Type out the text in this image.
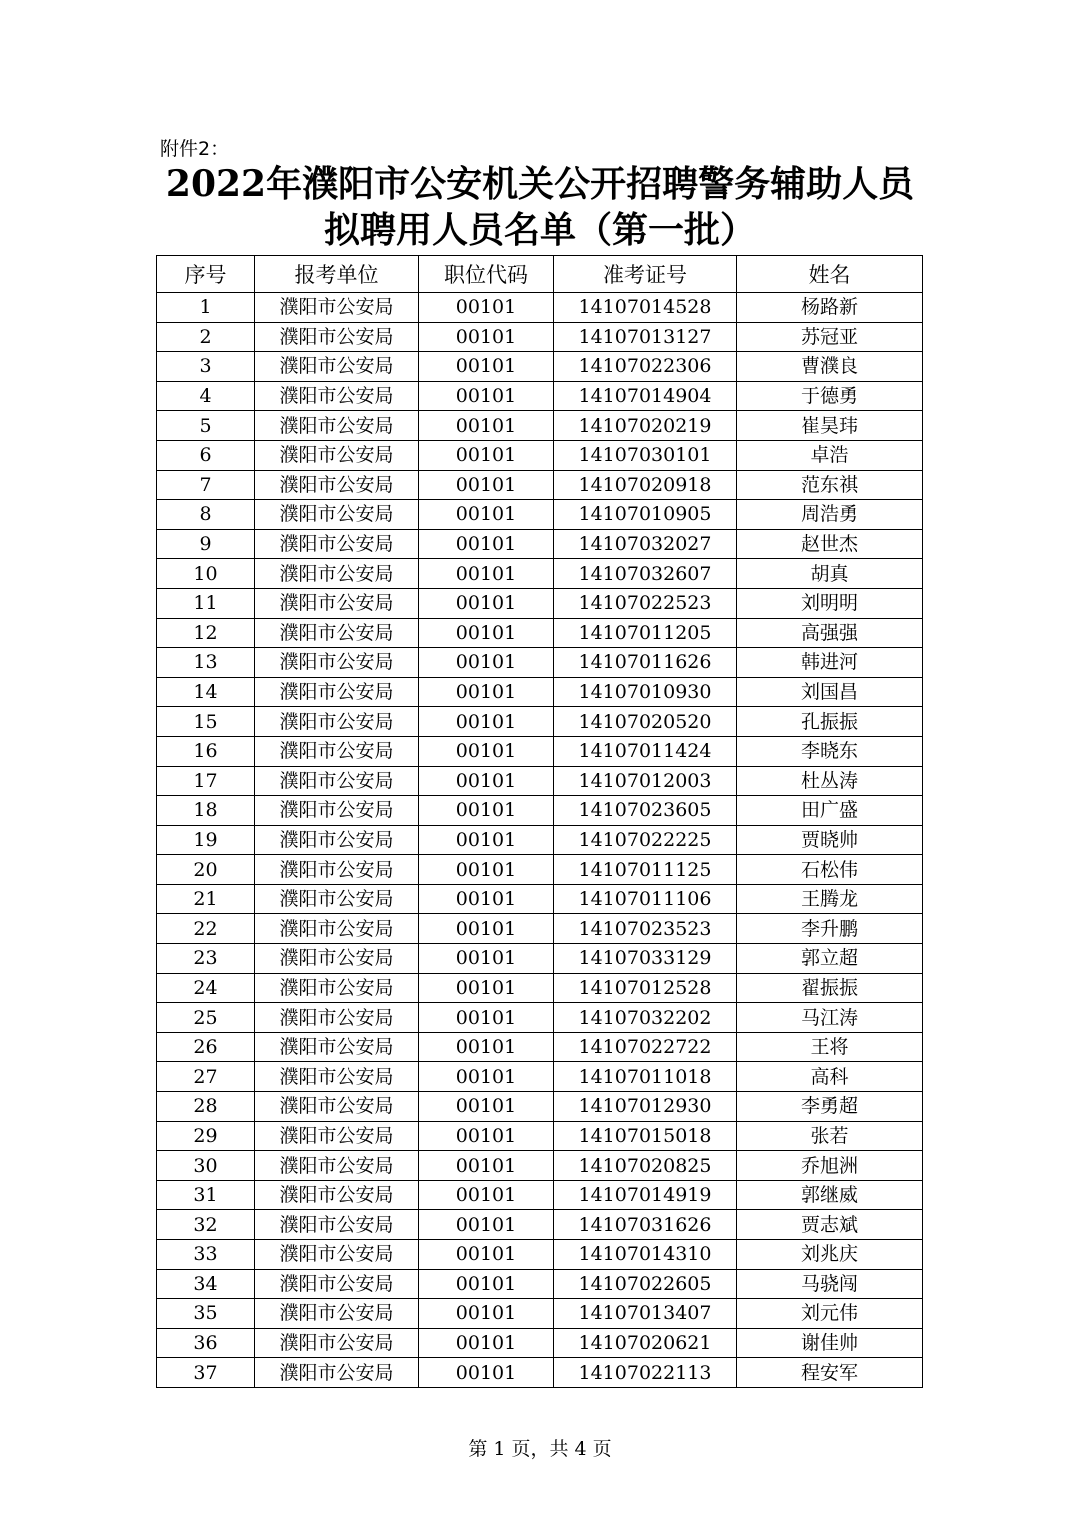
附件2：
2022年濮阳市公安机关公开招聘警务辅助人员
拟聘用人员名单（第一批）
序号	报考单位	职位代码	准考证号	姓名
1	濮阳市公安局	00101	14107014528	杨路新
2	濮阳市公安局	00101	14107013127	苏冠亚
3	濮阳市公安局	00101	14107022306	曹濮良
4	濮阳市公安局	00101	14107014904	于德勇
5	濮阳市公安局	00101	14107020219	崔昊玮
6	濮阳市公安局	00101	14107030101	卓浩
7	濮阳市公安局	00101	14107020918	范东祺
8	濮阳市公安局	00101	14107010905	周浩勇
9	濮阳市公安局	00101	14107032027	赵世杰
10	濮阳市公安局	00101	14107032607	胡真
11	濮阳市公安局	00101	14107022523	刘明明
12	濮阳市公安局	00101	14107011205	高强强
13	濮阳市公安局	00101	14107011626	韩进河
14	濮阳市公安局	00101	14107010930	刘国昌
15	濮阳市公安局	00101	14107020520	孔振振
16	濮阳市公安局	00101	14107011424	李晓东
17	濮阳市公安局	00101	14107012003	杜丛涛
18	濮阳市公安局	00101	14107023605	田广盛
19	濮阳市公安局	00101	14107022225	贾晓帅
20	濮阳市公安局	00101	14107011125	石松伟
21	濮阳市公安局	00101	14107011106	王腾龙
22	濮阳市公安局	00101	14107023523	李升鹏
23	濮阳市公安局	00101	14107033129	郭立超
24	濮阳市公安局	00101	14107012528	翟振振
25	濮阳市公安局	00101	14107032202	马江涛
26	濮阳市公安局	00101	14107022722	王将
27	濮阳市公安局	00101	14107011018	高科
28	濮阳市公安局	00101	14107012930	李勇超
29	濮阳市公安局	00101	14107015018	张若
30	濮阳市公安局	00101	14107020825	乔旭洲
31	濮阳市公安局	00101	14107014919	郭继威
32	濮阳市公安局	00101	14107031626	贾志斌
33	濮阳市公安局	00101	14107014310	刘兆庆
34	濮阳市公安局	00101	14107022605	马骁闯
35	濮阳市公安局	00101	14107013407	刘元伟
36	濮阳市公安局	00101	14107020621	谢佳帅
37	濮阳市公安局	00101	14107022113	程安军
第 1 页，共 4 页
